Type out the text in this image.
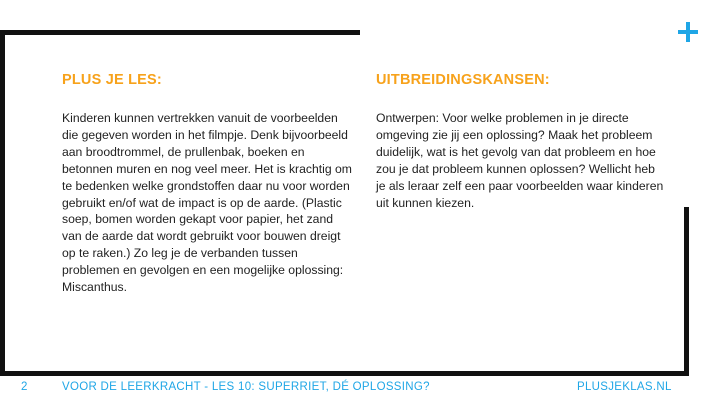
PLUS JE LES:	UITBREIDINGSKANSEN:
Kinderen kunnen vertrekken vanuit de voorbeelden die gegeven worden in het filmpje. Denk bijvoorbeeld aan broodtrommel, de prullenbak, boeken en betonnen muren en nog veel meer. Het is krachtig om te bedenken welke grondstoffen daar nu voor worden gebruikt en/of wat de impact is op de aarde. (Plastic soep, bomen worden gekapt voor papier, het zand van de aarde dat wordt gebruikt voor bouwen dreigt op te raken.) Zo leg je de verbanden tussen problemen en gevolgen en een mogelijke oplossing: Miscanthus.
Ontwerpen: Voor welke problemen in je directe omgeving zie jij een oplossing? Maak het probleem duidelijk, wat is het gevolg van dat probleem en hoe zou je dat probleem kunnen oplossen? Wellicht heb je als leraar zelf een paar voorbeelden waar kinderen uit kunnen kiezen.
2	VOOR DE LEERKRACHT - LES 10: SUPERRIET, DÉ OPLOSSING?	PLUSJEKLAS.NL
